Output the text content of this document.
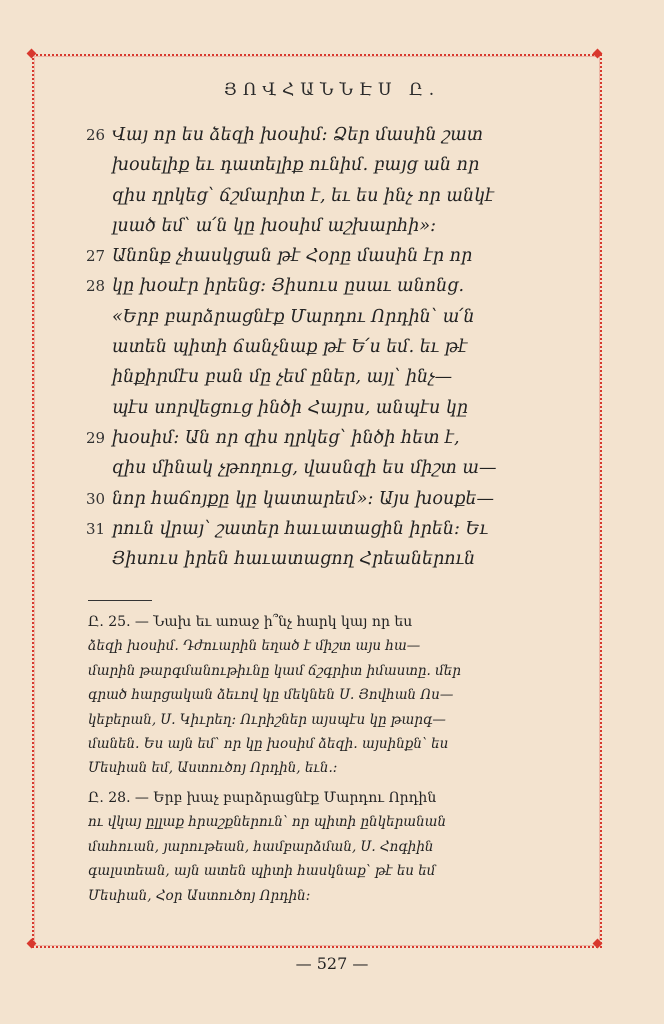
ՅՈՎՀԱՆՆԷՍ Ը.
26 Վայ որ ես ձեզի խօսիմ։ Ձեր մասին շատ
խօսելիք եւ դատելիք ունիմ. բայց ան որ
զիս ղրկեց՝ ճշմարիտ է, եւ ես ինչ որ անկէ
լսած եմ՝ ա՛ն կը խօսիմ աշխարհի»։
27 Անոնք չհասկցան թէ Հօրը մասին էր որ
28 կը խօսէր իրենց։ Յիսուս ըսաւ անոնց.
«Երբ բարձրացնէք Մարդու Որդին՝ ա՛ն
ատեն պիտի ճանչնաք թէ Ե՛ս եմ. եւ թէ
ինքիրմէս բան մը չեմ ըներ, այլ՝ ինչ—
պէս սորվեցուց ինծի Հայրս, անպէս կը
29 խօսիմ։ Ան որ զիս ղրկեց՝ ինծի հետ է,
զիս մինակ չթողուց, վասնզի ես միշտ ա—
30 նոր հաճոյքը կը կատարեմ»։ Այս խօսքե—
31 րուն վրայ՝ շատեր հաւատացին իրեն։ Եւ
Յիսուս իրեն հաւատացող Հրեաներուն
Ը. 25. — Նախ եւ առաջ ի՞նչ հարկ կայ որ ես
ձեզի խօսիմ. Դժուարին եղած է միշտ այս հա—
մարին թարգմանութիւնը կամ ճշգրիտ իմաստը. մեր
գրած հարցական ձեւով կը մեկնեն Ս. Յովհան Ոս—
կեբերան, Ս. Կիւրեղ։ Ուրիշներ այսպէս կը թարգ—
մանեն. Ես այն եմ՝ որ կը խօսիմ ձեզի. այսինքն՝ ես
Մեսիան եմ, Աստուծոյ Որդին, եւն.։
Ը. 28. — Երբ խաչ բարձրացնէք Մարդու Որդին
ու վկայ ըլլաք հրաշքներուն՝ որ պիտի ընկերանան
մահուան, յարութեան, համբարձման, Ս. Հոգիին
գալստեան, այն ատեն պիտի հասկնաք՝ թէ ես եմ
Մեսիան, Հօր Աստուծոյ Որդին։
— 527 —
